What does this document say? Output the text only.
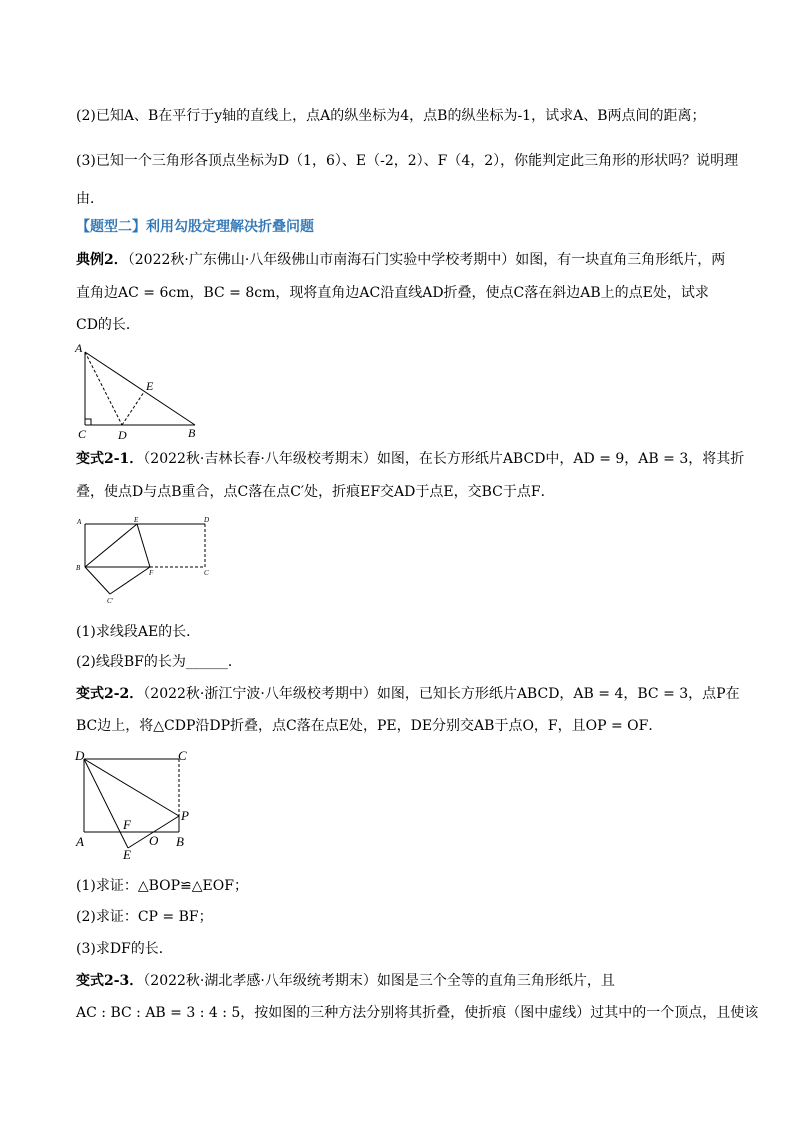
(2)已知A、B在平行于y轴的直线上，点A的纵坐标为4，点B的纵坐标为-1，试求A、B两点间的距离；
(3)已知一个三角形各顶点坐标为D（1，6）、E（-2，2）、F（4，2），你能判定此三角形的形状吗？说明理
由．
【题型二】利用勾股定理解决折叠问题
典例2．（2022秋·广东佛山·八年级佛山市南海石门实验中学校考期中）如图，有一块直角三角形纸片，两
直角边AC = 6cm，BC = 8cm，现将直角边AC沿直线AD折叠，使点C落在斜边AB上的点E处，试求
CD的长．
A
C	D	B
E
变式2-1．（2022秋·吉林长春·八年级校考期末）如图，在长方形纸片ABCD中，AD = 9，AB = 3，将其折
叠，使点D与点B重合，点C落在点C′处，折痕EF交AD于点E，交BC于点F．
A	E	D
B
F	C
C′
(1)求线段AE的长．
(2)线段BF的长为______．
变式2-2．（2022秋·浙江宁波·八年级校考期中）如图，已知长方形纸片ABCD，AB = 4，BC = 3，点P在
BC边上，将△CDP沿DP折叠，点C落在点E处，PE，DE分别交AB于点O，F，且OP = OF．
D	C
P
F
O
A
E
B
(1)求证：△BOP≌△EOF；
(2)求证：CP = BF；
(3)求DF的长．
变式2-3．（2022秋·湖北孝感·八年级统考期末）如图是三个全等的直角三角形纸片，且
AC : BC : AB = 3 : 4 : 5，按如图的三种方法分别将其折叠，使折痕（图中虚线）过其中的一个顶点，且使该
